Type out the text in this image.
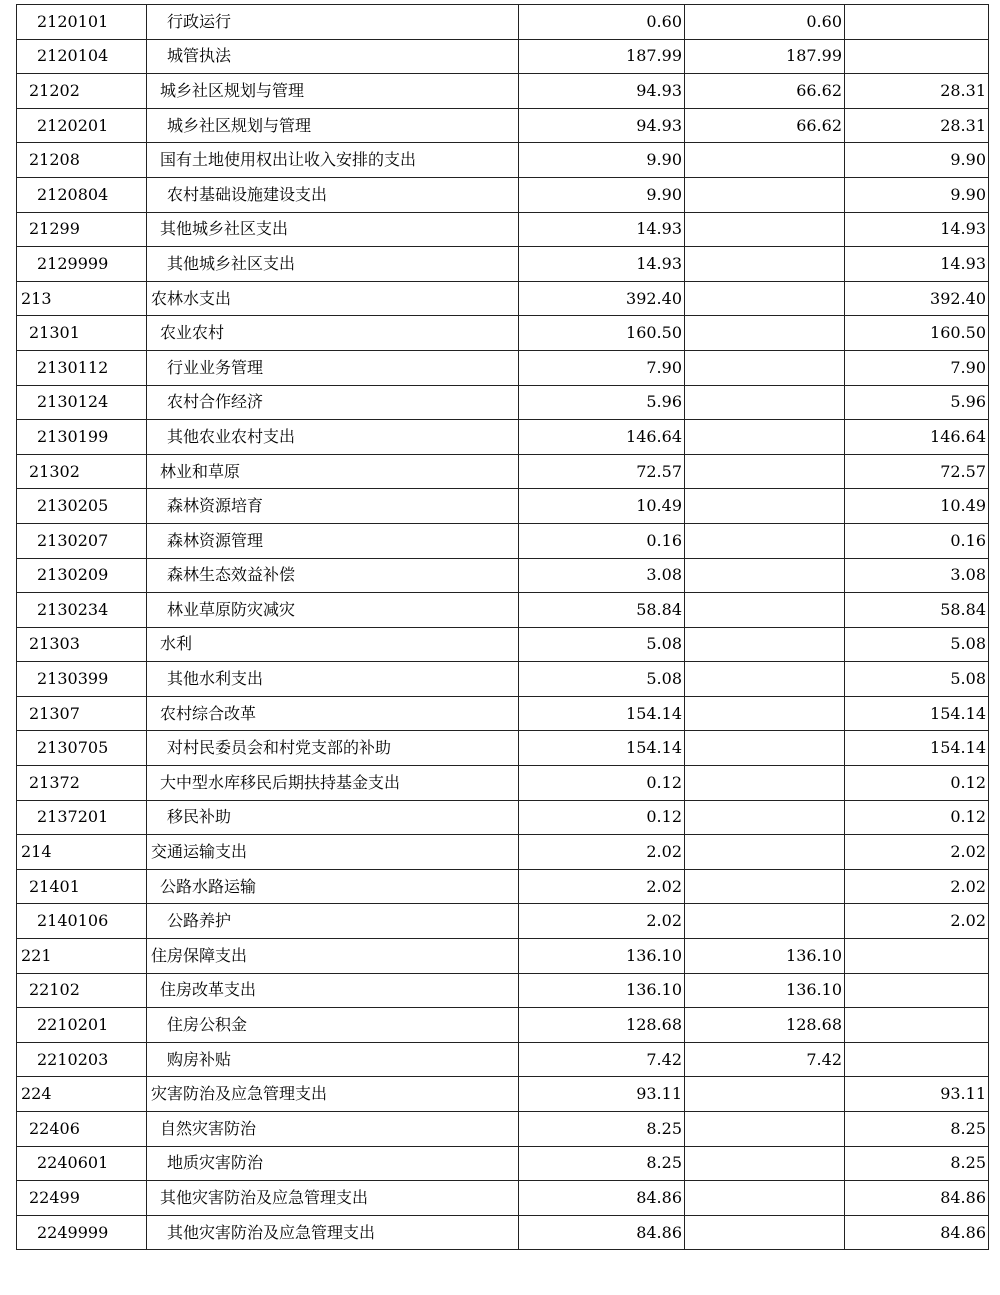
2120101	行政运行	0.60	0.60	
2120104	城管执法	187.99	187.99	
21202	城乡社区规划与管理	94.93	66.62	28.31
2120201	城乡社区规划与管理	94.93	66.62	28.31
21208	国有土地使用权出让收入安排的支出	9.90		9.90
2120804	农村基础设施建设支出	9.90		9.90
21299	其他城乡社区支出	14.93		14.93
2129999	其他城乡社区支出	14.93		14.93
213	农林水支出	392.40		392.40
21301	农业农村	160.50		160.50
2130112	行业业务管理	7.90		7.90
2130124	农村合作经济	5.96		5.96
2130199	其他农业农村支出	146.64		146.64
21302	林业和草原	72.57		72.57
2130205	森林资源培育	10.49		10.49
2130207	森林资源管理	0.16		0.16
2130209	森林生态效益补偿	3.08		3.08
2130234	林业草原防灾减灾	58.84		58.84
21303	水利	5.08		5.08
2130399	其他水利支出	5.08		5.08
21307	农村综合改革	154.14		154.14
2130705	对村民委员会和村党支部的补助	154.14		154.14
21372	大中型水库移民后期扶持基金支出	0.12		0.12
2137201	移民补助	0.12		0.12
214	交通运输支出	2.02		2.02
21401	公路水路运输	2.02		2.02
2140106	公路养护	2.02		2.02
221	住房保障支出	136.10	136.10	
22102	住房改革支出	136.10	136.10	
2210201	住房公积金	128.68	128.68	
2210203	购房补贴	7.42	7.42	
224	灾害防治及应急管理支出	93.11		93.11
22406	自然灾害防治	8.25		8.25
2240601	地质灾害防治	8.25		8.25
22499	其他灾害防治及应急管理支出	84.86		84.86
2249999	其他灾害防治及应急管理支出	84.86		84.86
